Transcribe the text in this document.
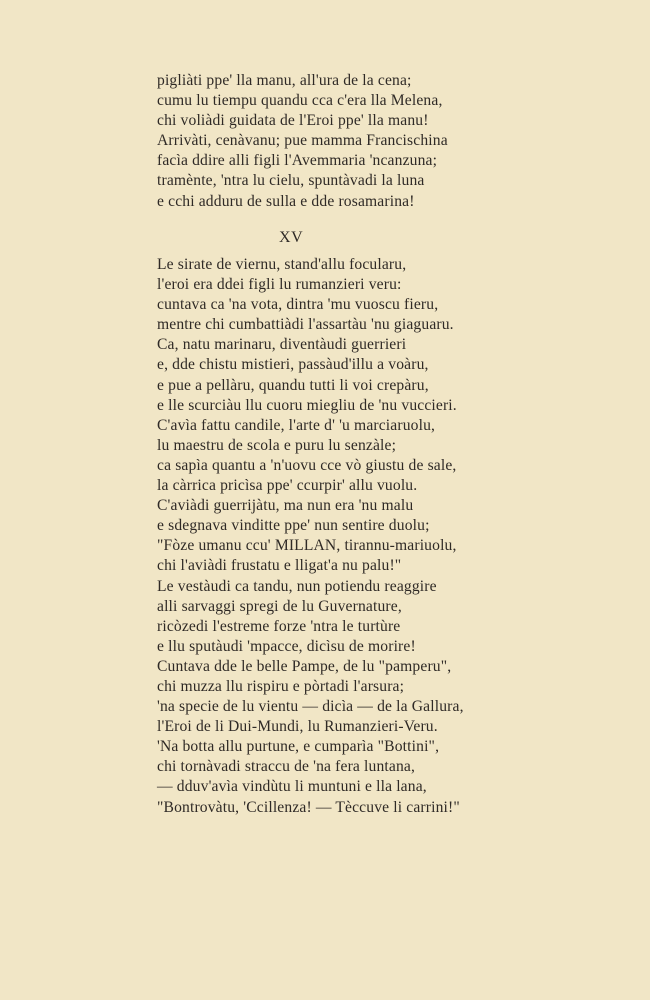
pigliàti ppe' lla manu, all'ura de la cena;
cumu lu tiempu quandu cca c'era lla Melena,
chi voliàdi guidata de l'Eroi ppe' lla manu!
Arrivàti, cenàvanu; pue mamma Francischina
facìa ddire alli figli l'Avemmaria 'ncanzuna;
tramènte, 'ntra lu cielu, spuntàvadi la luna
e cchi adduru de sulla e dde rosamarina!
XV
Le sirate de viernu, stand'allu focularu,
l'eroi era ddei figli lu rumanzieri veru:
cuntava ca 'na vota, dintra 'mu vuoscu fieru,
mentre chi cumbattiàdi l'assartàu 'nu giaguaru.
Ca, natu marinaru, diventàudi guerrieri
e, dde chistu mistieri, passàud'illu a voàru,
e pue a pellàru, quandu tutti li voi crepàru,
e lle scurciàu llu cuoru miegliu de 'nu vuccieri.
C'avìa fattu candile, l'arte d' 'u marciaruolu,
lu maestru de scola e puru lu senzàle;
ca sapìa quantu a 'n'uovu cce vò giustu de sale,
la càrrica pricìsa ppe' ccurpir' allu vuolu.
C'aviàdi guerrijàtu, ma nun era 'nu malu
e sdegnava vinditte ppe' nun sentire duolu;
"Fòze umanu ccu' MILLAN, tirannu-mariuolu,
chi l'aviàdi frustatu e lligat'a nu palu!"
Le vestàudi ca tandu, nun potiendu reaggire
alli sarvaggi spregi de lu Guvernature,
ricòzedi l'estreme forze 'ntra le turtùre
e llu sputàudi 'mpacce, dicìsu de morire!
Cuntava dde le belle Pampe, de lu "pamperu",
chi muzza llu rispiru e pòrtadi l'arsura;
'na specie de lu vientu — dicìa — de la Gallura,
l'Eroi de li Dui-Mundi, lu Rumanzieri-Veru.
'Na botta allu purtune, e cumparìa "Bottini",
chi tornàvadi straccu de 'na fera luntana,
— dduv'avìa vindùtu li muntuni e lla lana,
"Bontrovàtu, 'Ccillenza! — Tèccuve li carrini!"
